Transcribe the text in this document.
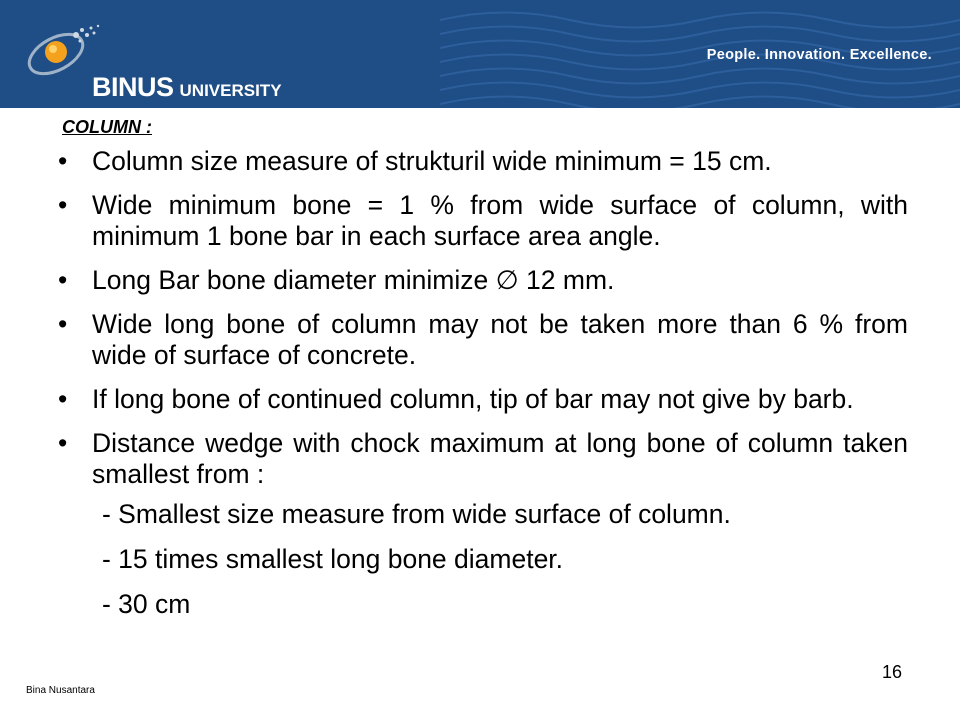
BINUS UNIVERSITY
People. Innovation. Excellence.
COLUMN :
• Column size measure of strukturil wide minimum = 15 cm.
• Wide minimum bone = 1 % from wide surface of column, with minimum 1 bone bar in each surface area angle.
• Long Bar bone diameter minimize ∅ 12 mm.
• Wide long bone of column may not be taken more than 6 % from wide of surface of concrete.
• If long bone of continued column, tip of bar may not give by barb.
• Distance wedge with chock maximum at long bone of column taken smallest from :
- Smallest size measure from wide surface of column.
- 15 times smallest long bone diameter.
- 30 cm
Bina Nusantara
16
